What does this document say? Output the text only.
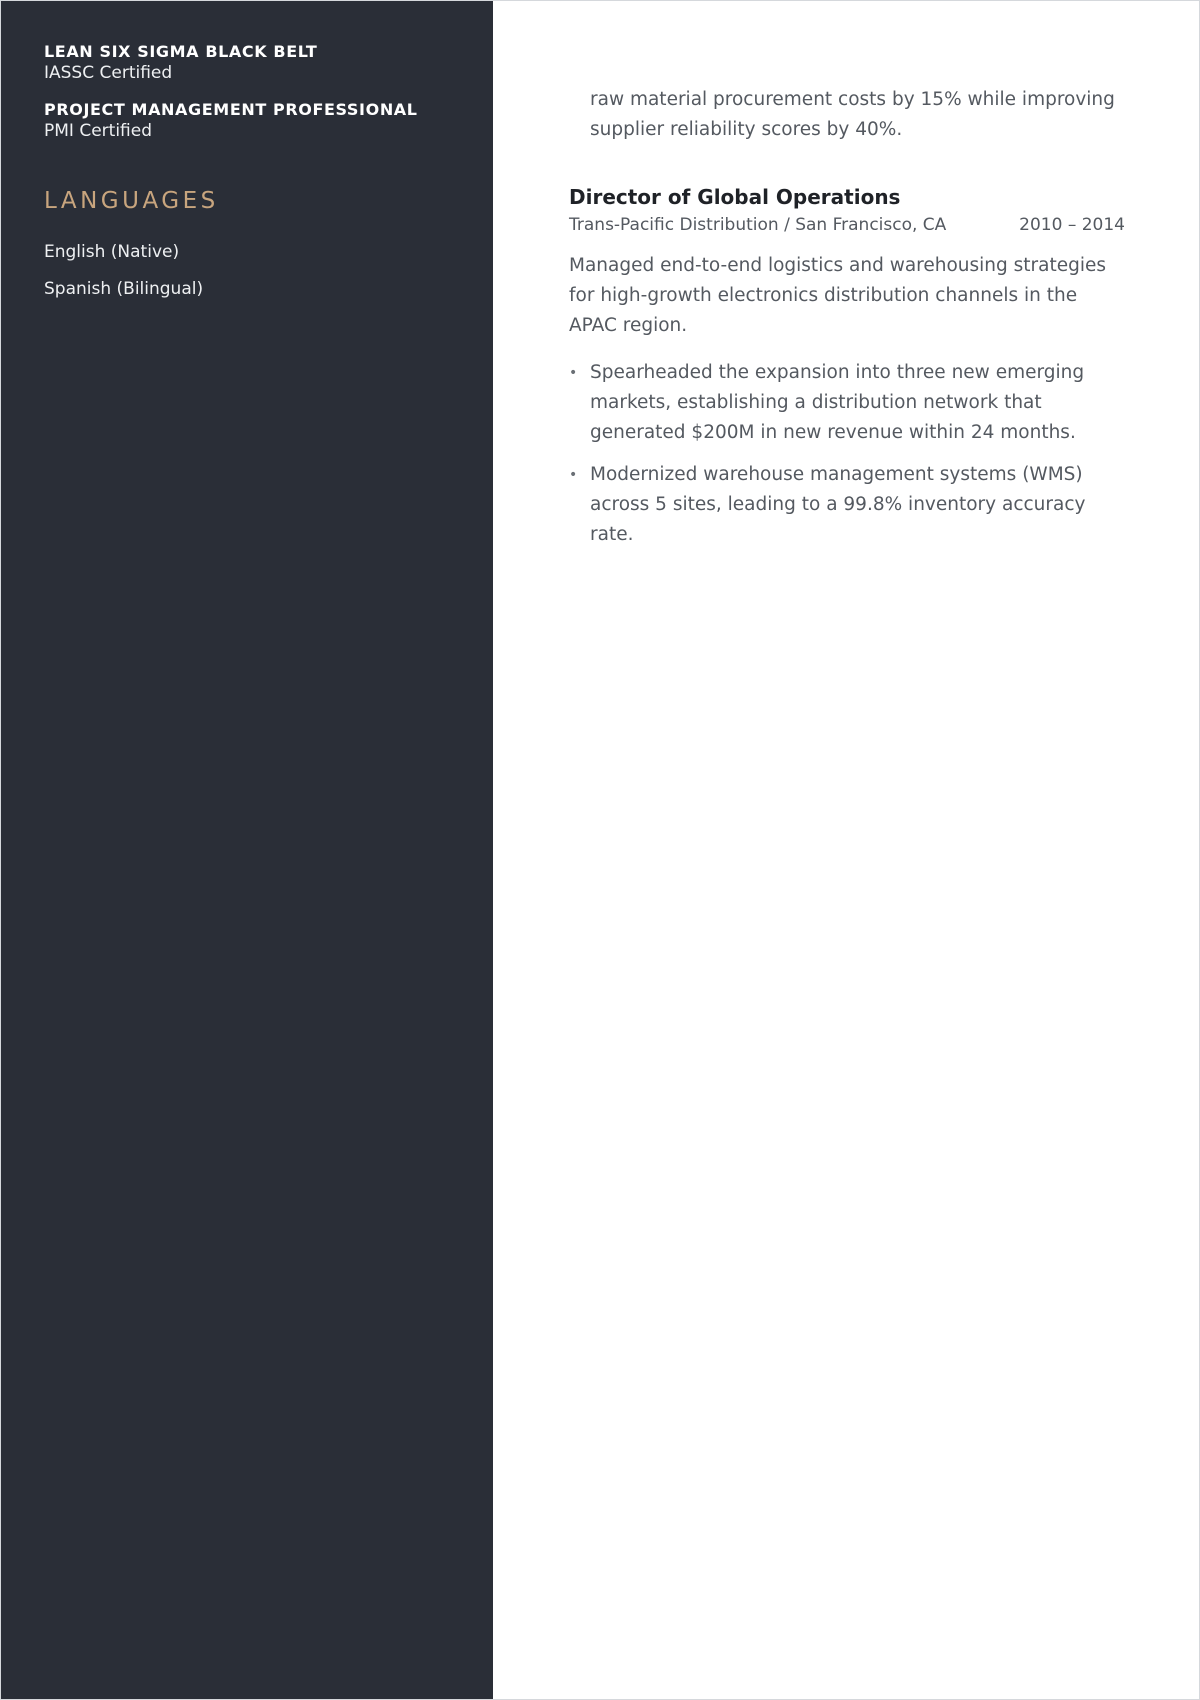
LEAN SIX SIGMA BLACK BELT
IASSC Certified
PROJECT MANAGEMENT PROFESSIONAL
PMI Certified
LANGUAGES
English (Native)
Spanish (Bilingual)
raw material procurement costs by 15% while improving supplier reliability scores by 40%.
Director of Global Operations
Trans-Pacific Distribution / San Francisco, CA	2010 – 2014
Managed end-to-end logistics and warehousing strategies for high-growth electronics distribution channels in the APAC region.
• Spearheaded the expansion into three new emerging markets, establishing a distribution network that generated $200M in new revenue within 24 months.
• Modernized warehouse management systems (WMS) across 5 sites, leading to a 99.8% inventory accuracy rate.
